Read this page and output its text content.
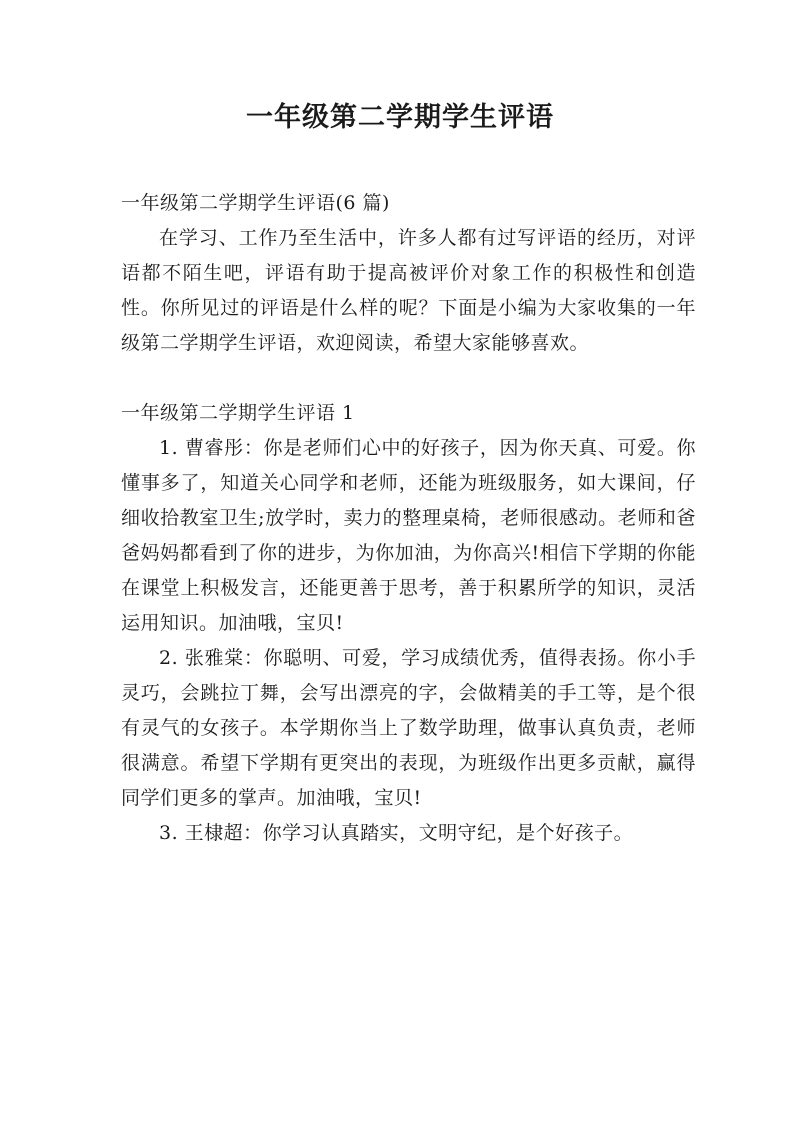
一年级第二学期学生评语

一年级第二学期学生评语(6 篇)

在学习、工作乃至生活中，许多人都有过写评语的经历，对评语都不陌生吧，评语有助于提高被评价对象工作的积极性和创造性。你所见过的评语是什么样的呢？下面是小编为大家收集的一年级第二学期学生评语，欢迎阅读，希望大家能够喜欢。

一年级第二学期学生评语 1

1. 曹睿彤：你是老师们心中的好孩子，因为你天真、可爱。你懂事多了，知道关心同学和老师，还能为班级服务，如大课间，仔细收拾教室卫生;放学时，卖力的整理桌椅，老师很感动。老师和爸爸妈妈都看到了你的进步，为你加油，为你高兴!相信下学期的你能在课堂上积极发言，还能更善于思考，善于积累所学的知识，灵活运用知识。加油哦，宝贝!

2. 张雅棠：你聪明、可爱，学习成绩优秀，值得表扬。你小手灵巧，会跳拉丁舞，会写出漂亮的字，会做精美的手工等，是个很有灵气的女孩子。本学期你当上了数学助理，做事认真负责，老师很满意。希望下学期有更突出的表现，为班级作出更多贡献，赢得同学们更多的掌声。加油哦，宝贝!

3. 王棣超：你学习认真踏实，文明守纪，是个好孩子。
